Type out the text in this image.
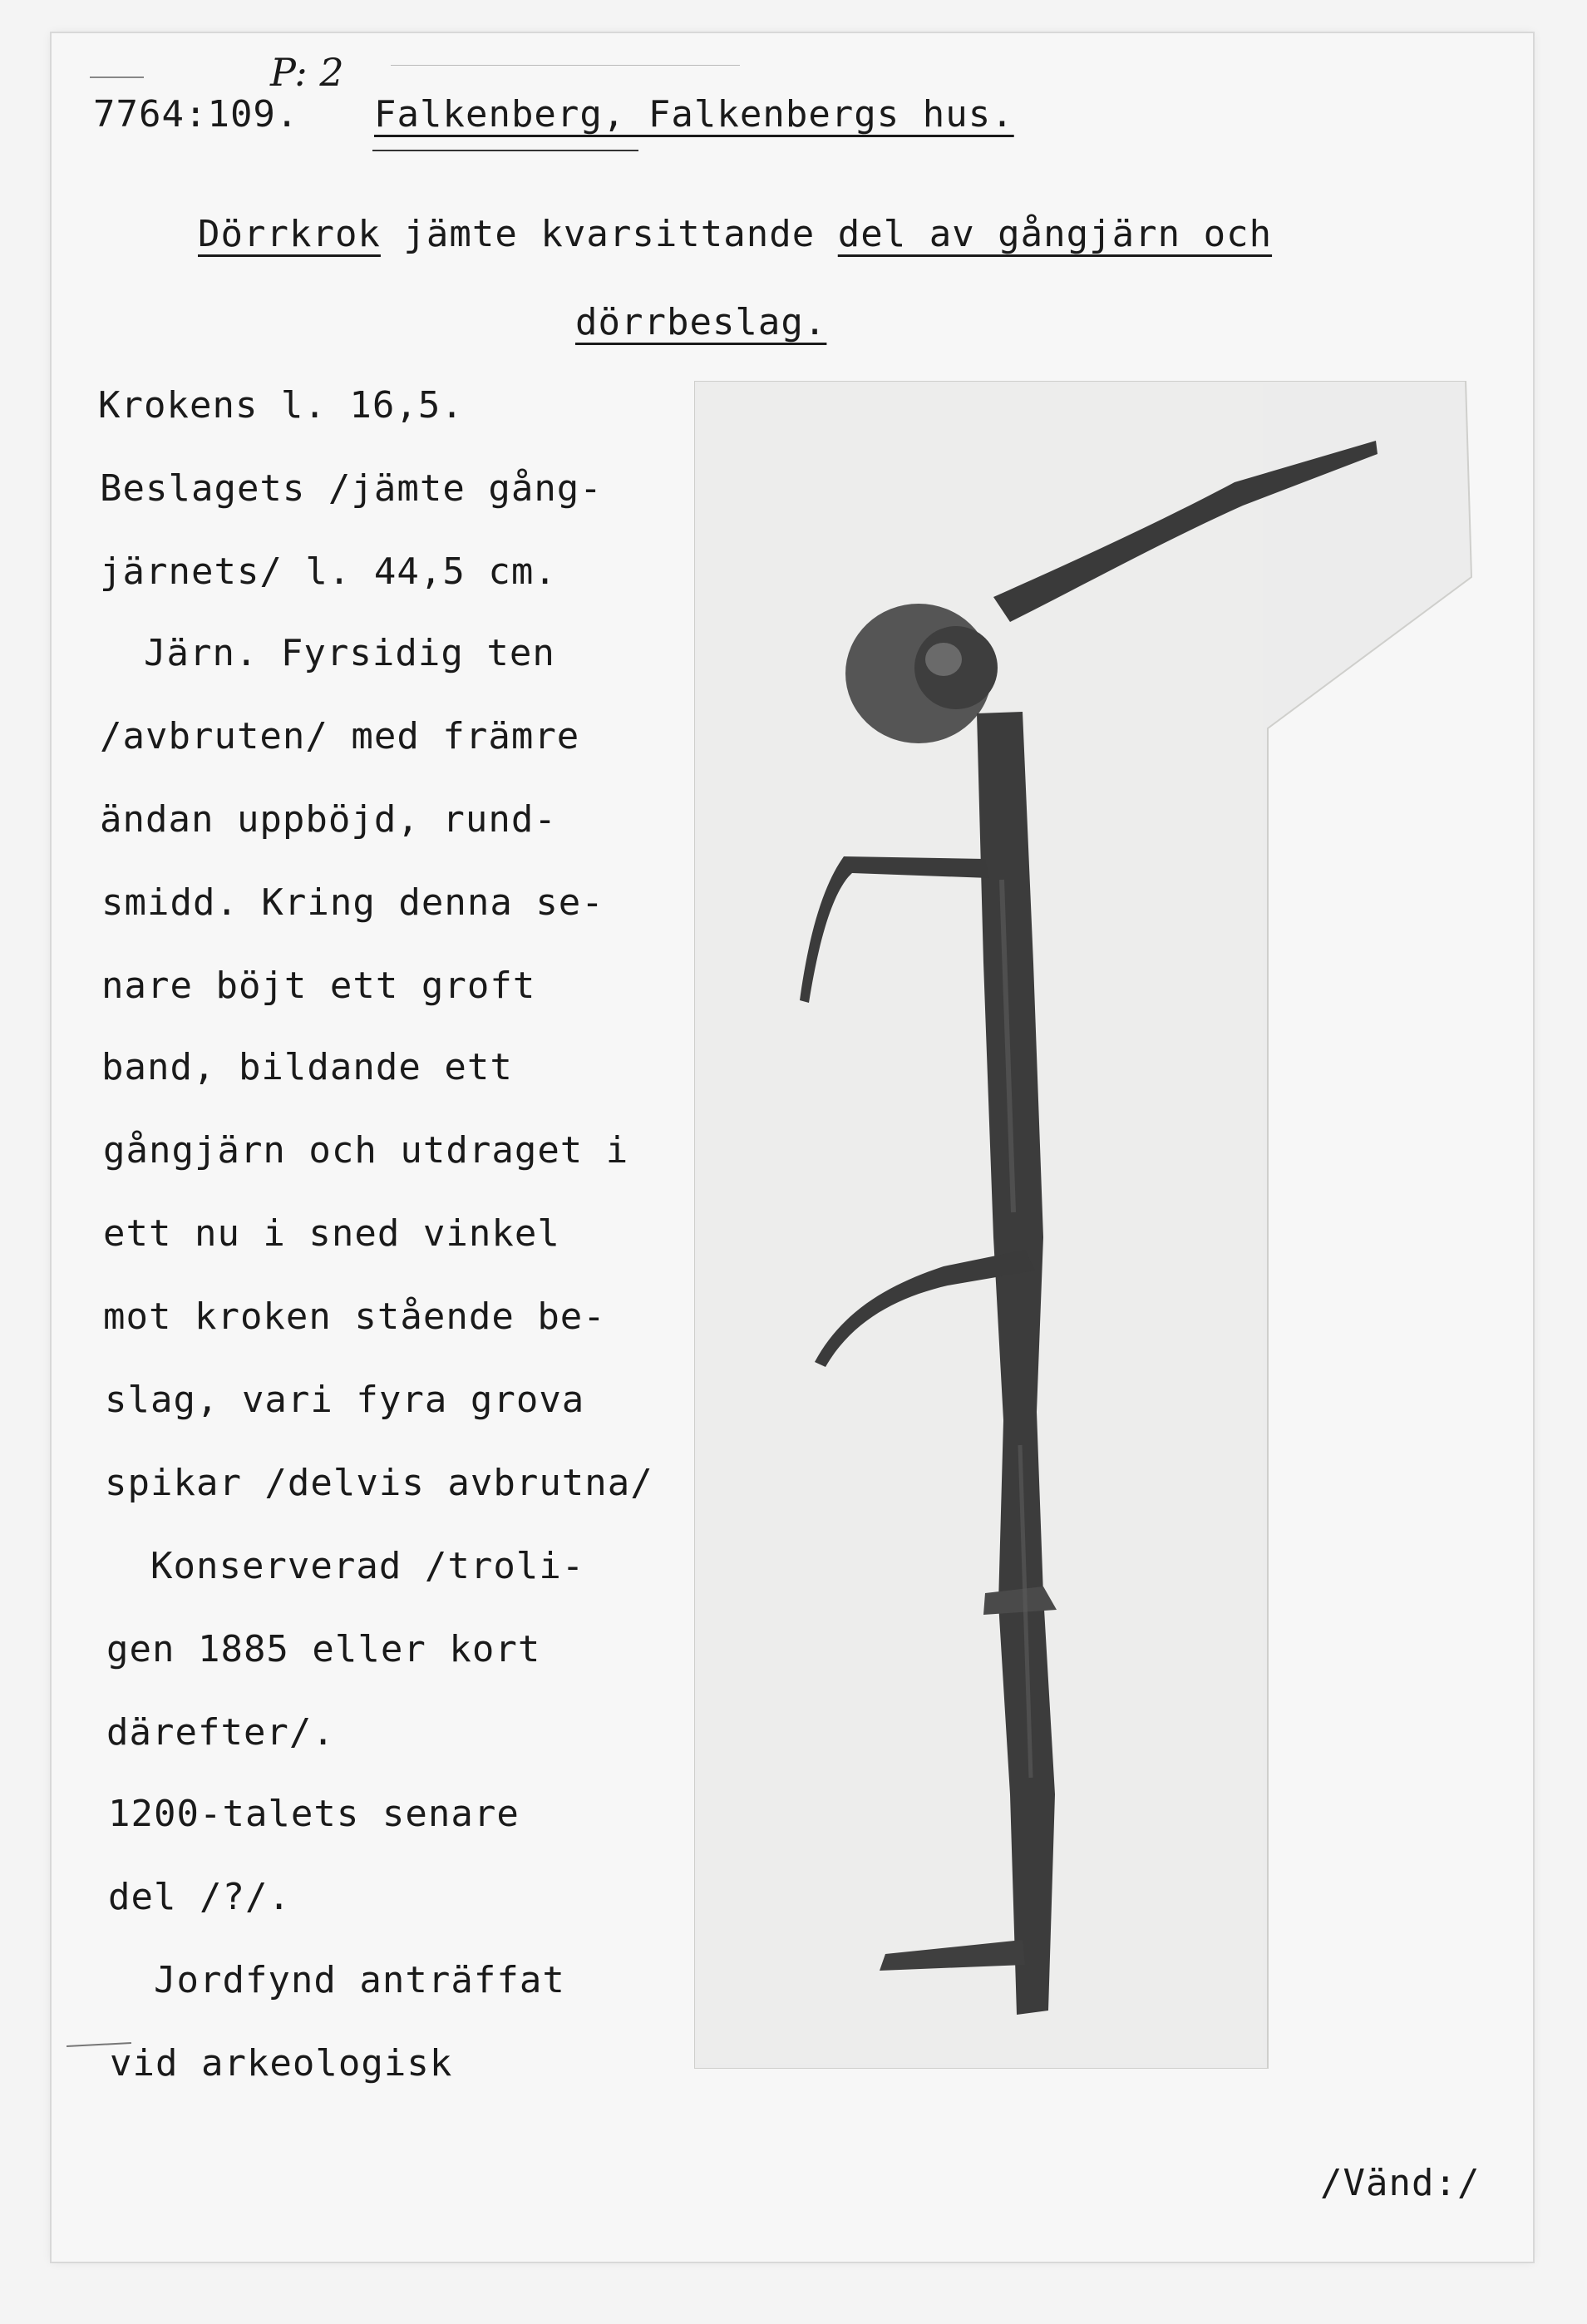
P: 2
7764:109. Falkenberg, Falkenbergs hus.
Dörrkrok jämte kvarsittande del av gångjärn och
dörrbeslag.
Krokens l. 16,5.
Beslagets /jämte gång-
järnets/ l. 44,5 cm.
Järn. Fyrsidig ten
/avbruten/ med främre
ändan uppböjd, rund-
smidd. Kring denna se-
nare böjt ett groft
band, bildande ett
gångjärn och utdraget i
ett nu i sned vinkel
mot kroken stående be-
slag, vari fyra grova
spikar /delvis avbrutna/
Konserverad /troli-
gen 1885 eller kort
därefter/.
1200-talets senare
del /?/.
Jordfynd anträffat
vid arkeologisk
/Vänd:/
